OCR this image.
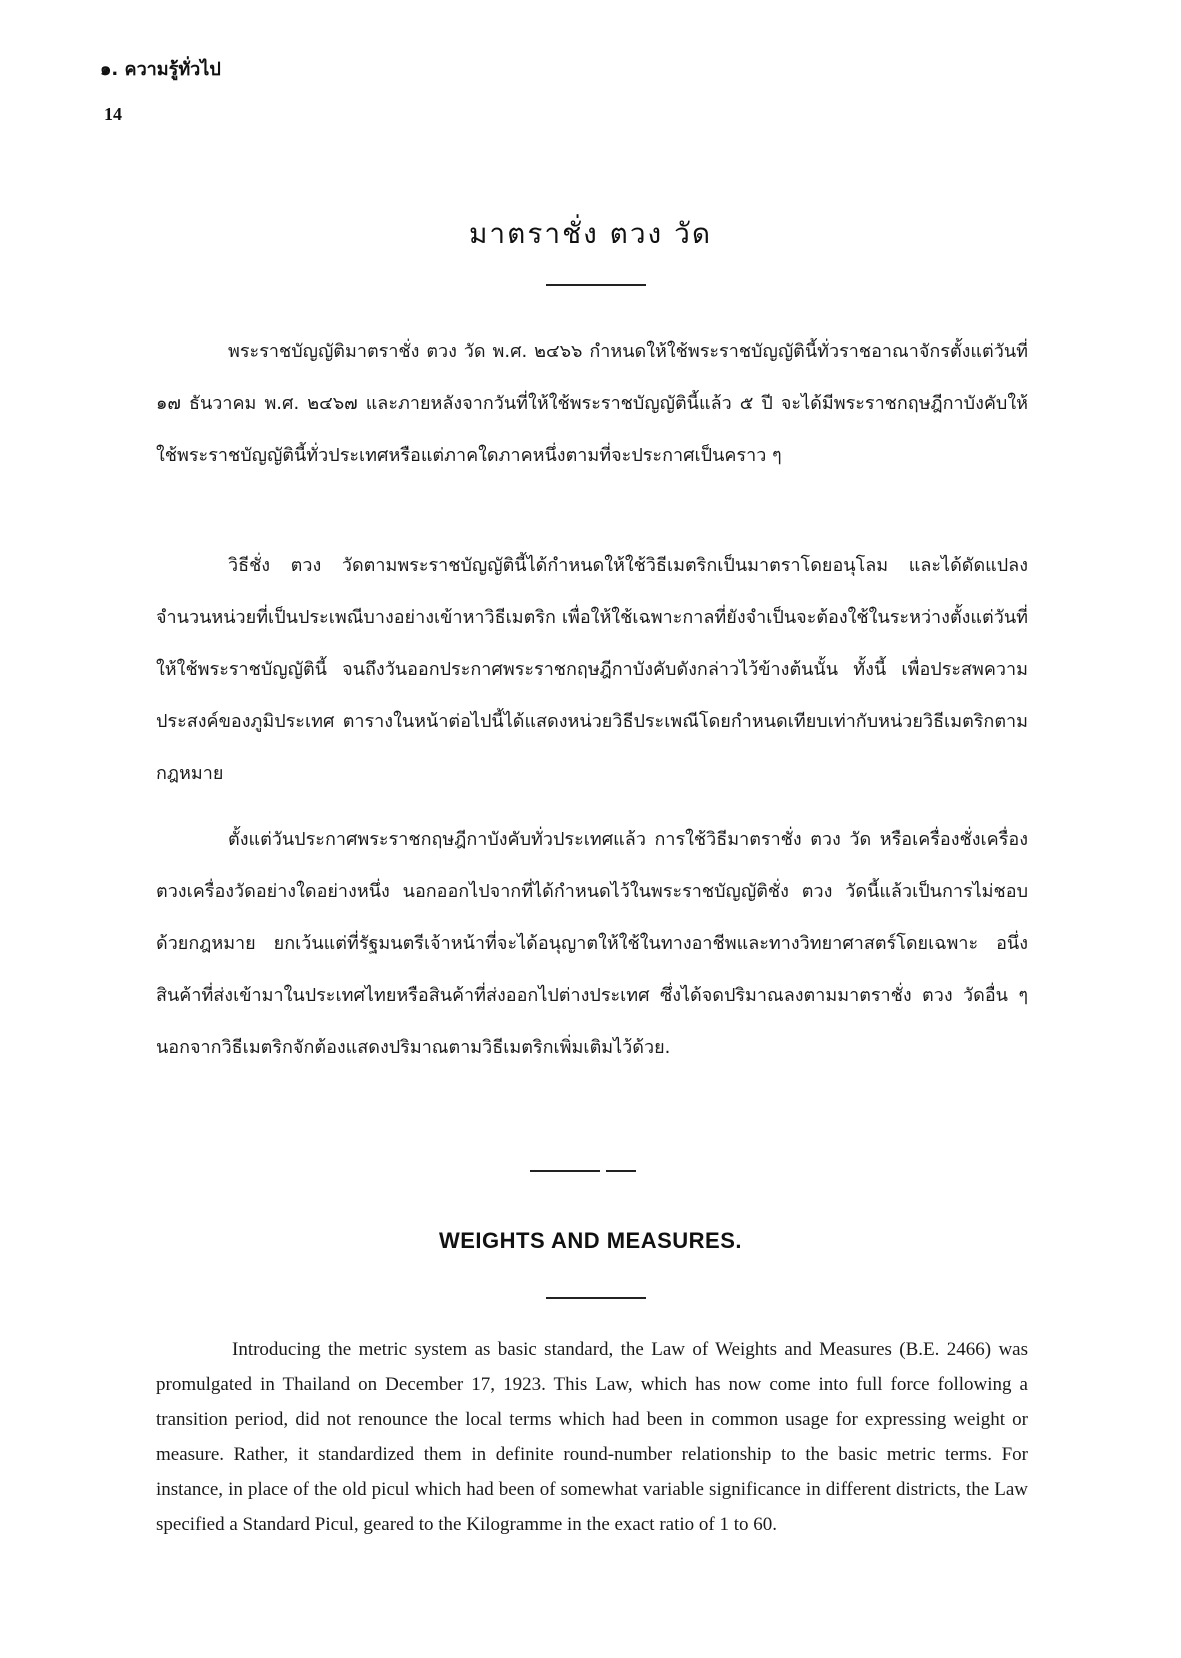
๑. ความรู้ทั่วไป
14
มาตราชั่ง ตวง วัด

พระราชบัญญัติมาตราชั่ง ตวง วัด พ.ศ. ๒๔๖๖ กำหนดให้ใช้พระราชบัญญัตินี้ทั่วราชอาณาจักรตั้งแต่วันที่ ๑๗ ธันวาคม พ.ศ. ๒๔๖๗ และภายหลังจากวันที่ให้ใช้พระราชบัญญัตินี้แล้ว ๕ ปี จะได้มีพระราชกฤษฎีกาบังคับให้ใช้พระราชบัญญัตินี้ทั่วประเทศหรือแต่ภาคใดภาคหนึ่งตามที่จะประกาศเป็นคราว ๆ

วิธีชั่ง ตวง วัดตามพระราชบัญญัตินี้ได้กำหนดให้ใช้วิธีเมตริกเป็นมาตราโดยอนุโลม และได้ดัดแปลงจำนวนหน่วยที่เป็นประเพณีบางอย่างเข้าหาวิธีเมตริก เพื่อให้ใช้เฉพาะกาลที่ยังจำเป็นจะต้องใช้ในระหว่างตั้งแต่วันที่ให้ใช้พระราชบัญญัตินี้ จนถึงวันออกประกาศพระราชกฤษฎีกาบังคับดังกล่าวไว้ข้างต้นนั้น ทั้งนี้ เพื่อประสพความประสงค์ของภูมิประเทศ ตารางในหน้าต่อไปนี้ได้แสดงหน่วยวิธีประเพณีโดยกำหนดเทียบเท่ากับหน่วยวิธีเมตริกตามกฎหมาย

ตั้งแต่วันประกาศพระราชกฤษฎีกาบังคับทั่วประเทศแล้ว การใช้วิธีมาตราชั่ง ตวง วัด หรือเครื่องชั่งเครื่องตวงเครื่องวัดอย่างใดอย่างหนึ่ง นอกออกไปจากที่ได้กำหนดไว้ในพระราชบัญญัติชั่ง ตวง วัดนี้แล้วเป็นการไม่ชอบด้วยกฎหมาย ยกเว้นแต่ที่รัฐมนตรีเจ้าหน้าที่จะได้อนุญาตให้ใช้ในทางอาชีพและทางวิทยาศาสตร์โดยเฉพาะ อนึ่ง สินค้าที่ส่งเข้ามาในประเทศไทยหรือสินค้าที่ส่งออกไปต่างประเทศ ซึ่งได้จดปริมาณลงตามมาตราชั่ง ตวง วัดอื่น ๆ นอกจากวิธีเมตริกจักต้องแสดงปริมาณตามวิธีเมตริกเพิ่มเติมไว้ด้วย.

WEIGHTS AND MEASURES.

Introducing the metric system as basic standard, the Law of Weights and Measures (B.E. 2466) was promulgated in Thailand on December 17, 1923. This Law, which has now come into full force following a transition period, did not renounce the local terms which had been in common usage for expressing weight or measure. Rather, it standardized them in definite round-number relationship to the basic metric terms. For instance, in place of the old picul which had been of somewhat variable significance in different districts, the Law specified a Standard Picul, geared to the Kilogramme in the exact ratio of 1 to 60.
